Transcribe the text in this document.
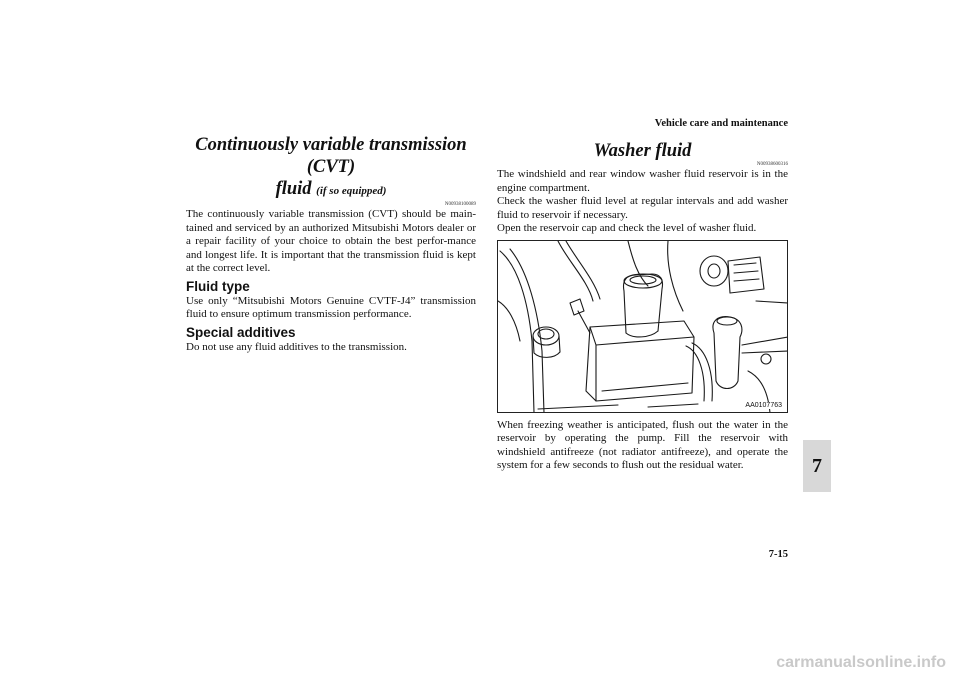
Vehicle care and maintenance
Continuously variable transmission (CVT)
fluid (if so equipped)
N00938100089

The continuously variable transmission (CVT) should be main-tained and serviced by an authorized Mitsubishi Motors dealer or a repair facility of your choice to obtain the best perfor-mance and longest life. It is important that the transmission fluid is kept at the correct level.

Fluid type

Use only “Mitsubishi Motors Genuine CVTF-J4” transmission fluid to ensure optimum transmission performance.

Special additives

Do not use any fluid additives to the transmission.

Washer fluid
N00938600316

The windshield and rear window washer fluid reservoir is in the engine compartment.

Check the washer fluid level at regular intervals and add washer fluid to reservoir if necessary.

Open the reservoir cap and check the level of washer fluid.

AA0107763

When freezing weather is anticipated, flush out the water in the reservoir by operating the pump. Fill the reservoir with windshield antifreeze (not radiator antifreeze), and operate the system for a few seconds to flush out the residual water.	7
7-15
carmanualsonline.info
